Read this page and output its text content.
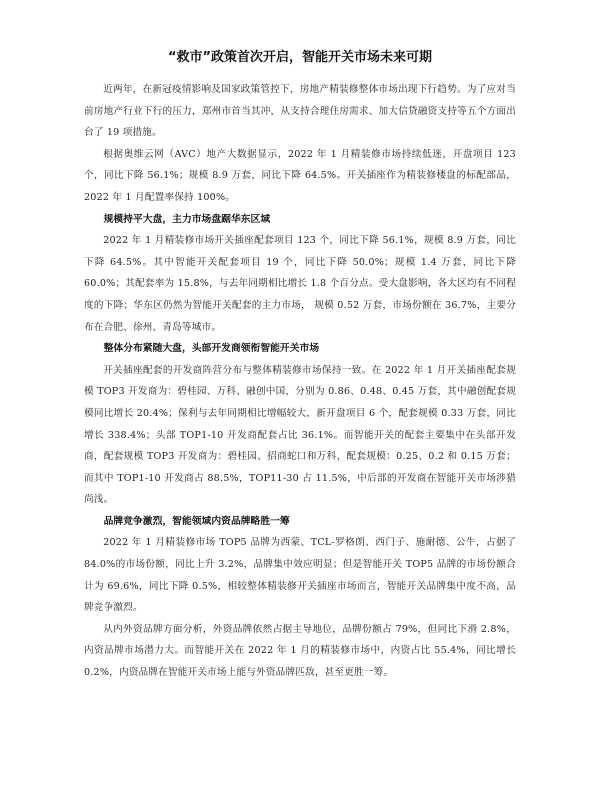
“救市”政策首次开启，智能开关市场未来可期

近两年，在新冠疫情影响及国家政策管控下，房地产精装修整体市场出现下行趋势。为了应对当前房地产行业下行的压力，郑州市首当其冲，从支持合理住房需求、加大信贷融资支持等五个方面出台了 19 项措施。

根据奥维云网（AVC）地产大数据显示，2022 年 1 月精装修市场持续低迷，开盘项目 123 个，同比下降 56.1%；规模 8.9 万套，同比下降 64.5%。开关插座作为精装修楼盘的标配部品，2022 年 1 月配置率保持 100%。

规模持平大盘，主力市场盘踞华东区域

2022 年 1 月精装修市场开关插座配套项目 123 个，同比下降 56.1%，规模 8.9 万套，同比下降 64.5%。其中智能开关配套项目 19 个，同比下降 50.0%；规模 1.4 万套，同比下降 60.0%；其配套率为 15.8%，与去年同期相比增长 1.8 个百分点。受大盘影响，各大区均有不同程度的下降；华东区仍然为智能开关配套的主力市场， 规模 0.52 万套，市场份额在 36.7%，主要分布在合肥、徐州、青岛等城市。

整体分布紧随大盘，头部开发商领衔智能开关市场

开关插座配套的开发商阵营分布与整体精装修市场保持一致。在 2022 年 1 月开关插座配套规模 TOP3 开发商为：碧桂园、万科、融创中国，分别为 0.86、0.48、0.45 万套，其中融创配套规模同比增长 20.4%；保利与去年同期相比增幅较大，新开盘项目 6 个，配套规模 0.33 万套，同比增长 338.4%；头部 TOP1-10 开发商配套占比 36.1%。而智能开关的配套主要集中在头部开发商，配套规模 TOP3 开发商为：碧桂园、招商蛇口和万科，配套规模：0.25、0.2 和 0.15 万套；而其中 TOP1-10 开发商占 88.5%，TOP11-30 占 11.5%，中后部的开发商在智能开关市场涉猎尚浅。

品牌竞争激烈，智能领域内资品牌略胜一筹

2022 年 1 月精装修市场 TOP5 品牌为西蒙、TCL-罗格朗、西门子、施耐德、公牛，占据了 84.0%的市场份额，同比上升 3.2%，品牌集中效应明显；但是智能开关 TOP5 品牌的市场份额合计为 69.6%，同比下降 0.5%，相较整体精装修开关插座市场而言，智能开关品牌集中度不高，品牌竞争激烈。

从内外资品牌方面分析，外资品牌依然占据主导地位，品牌份额占 79%，但同比下滑 2.8%，内资品牌市场潜力大。而智能开关在 2022 年 1 月的精装修市场中，内资占比 55.4%，同比增长 0.2%，内资品牌在智能开关市场上能与外资品牌匹敌，甚至更胜一筹。
